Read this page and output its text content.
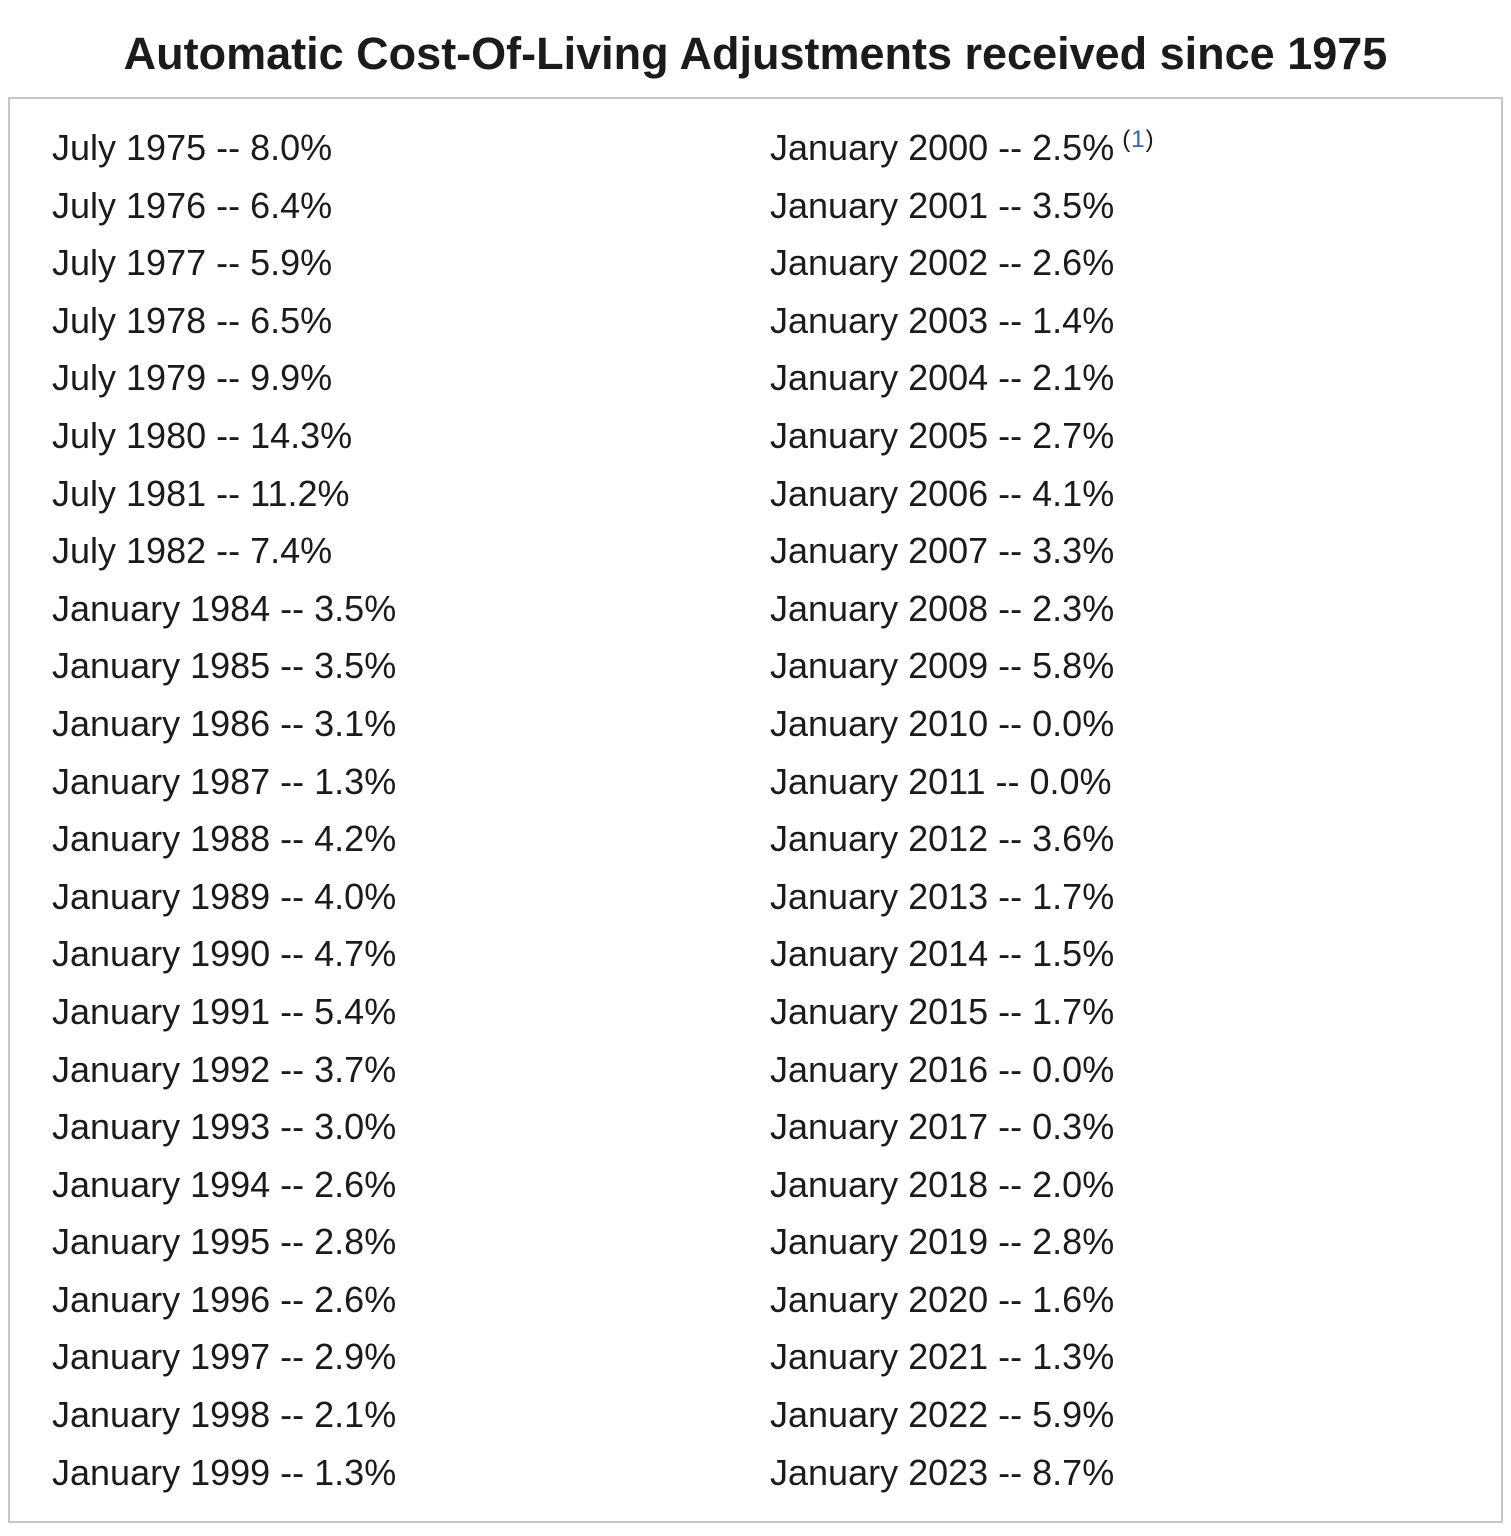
Automatic Cost-Of-Living Adjustments received since 1975
July 1975 -- 8.0%
July 1976 -- 6.4%
July 1977 -- 5.9%
July 1978 -- 6.5%
July 1979 -- 9.9%
July 1980 -- 14.3%
July 1981 -- 11.2%
July 1982 -- 7.4%
January 1984 -- 3.5%
January 1985 -- 3.5%
January 1986 -- 3.1%
January 1987 -- 1.3%
January 1988 -- 4.2%
January 1989 -- 4.0%
January 1990 -- 4.7%
January 1991 -- 5.4%
January 1992 -- 3.7%
January 1993 -- 3.0%
January 1994 -- 2.6%
January 1995 -- 2.8%
January 1996 -- 2.6%
January 1997 -- 2.9%
January 1998 -- 2.1%
January 1999 -- 1.3%
January 2000 -- 2.5% $^{(1)}$
January 2001 -- 3.5%
January 2002 -- 2.6%
January 2003 -- 1.4%
January 2004 -- 2.1%
January 2005 -- 2.7%
January 2006 -- 4.1%
January 2007 -- 3.3%
January 2008 -- 2.3%
January 2009 -- 5.8%
January 2010 -- 0.0%
January 2011 -- 0.0%
January 2012 -- 3.6%
January 2013 -- 1.7%
January 2014 -- 1.5%
January 2015 -- 1.7%
January 2016 -- 0.0%
January 2017 -- 0.3%
January 2018 -- 2.0%
January 2019 -- 2.8%
January 2020 -- 1.6%
January 2021 -- 1.3%
January 2022 -- 5.9%
January 2023 -- 8.7%
